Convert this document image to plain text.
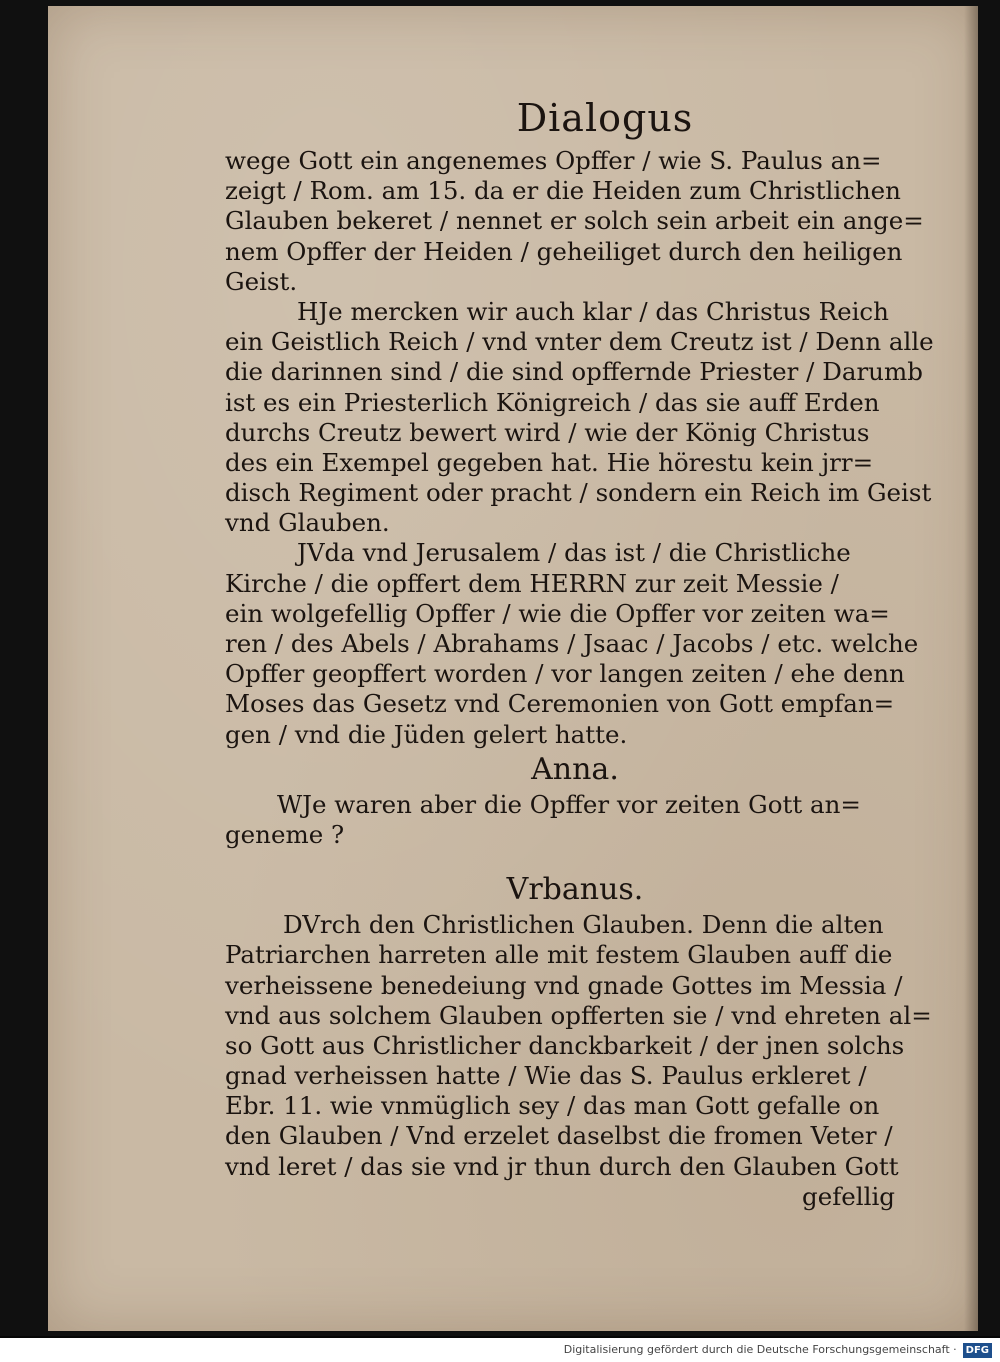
Dialogus
wege Gott ein angenemes Opffer / wie S. Paulus an=
zeigt / Rom. am 15. da er die Heiden zum Christlichen
Glauben bekeret / nennet er solch sein arbeit ein ange=
nem Opffer der Heiden / geheiliget durch den heiligen
Geist.
HJe mercken wir auch klar / das Christus Reich
ein Geistlich Reich / vnd vnter dem Creutz ist / Denn alle
die darinnen sind / die sind opffernde Priester / Darumb
ist es ein Priesterlich Königreich / das sie auff Erden
durchs Creutz bewert wird / wie der König Christus
des ein Exempel gegeben hat. Hie hörestu kein jrr=
disch Regiment oder pracht / sondern ein Reich im Geist
vnd Glauben.
JVda vnd Jerusalem / das ist / die Christliche
Kirche / die opffert dem HERRN zur zeit Messie /
ein wolgefellig Opffer / wie die Opffer vor zeiten wa=
ren / des Abels / Abrahams / Jsaac / Jacobs / etc. welche
Opffer geopffert worden / vor langen zeiten / ehe denn
Moses das Gesetz vnd Ceremonien von Gott empfan=
gen / vnd die Jüden gelert hatte.
Anna.
WJe waren aber die Opffer vor zeiten Gott an=
geneme ?
Vrbanus.
DVrch den Christlichen Glauben. Denn die alten
Patriarchen harreten alle mit festem Glauben auff die
verheissene benedeiung vnd gnade Gottes im Messia /
vnd aus solchem Glauben opfferten sie / vnd ehreten al=
so Gott aus Christlicher danckbarkeit / der jnen solchs
gnad verheissen hatte / Wie das S. Paulus erkleret /
Ebr. 11. wie vnmüglich sey / das man Gott gefalle on
den Glauben / Vnd erzelet daselbst die fromen Veter /
vnd leret / das sie vnd jr thun durch den Glauben Gott
gefellig
Digitalisierung gefördert durch die Deutsche Forschungsgemeinschaft · DFG
